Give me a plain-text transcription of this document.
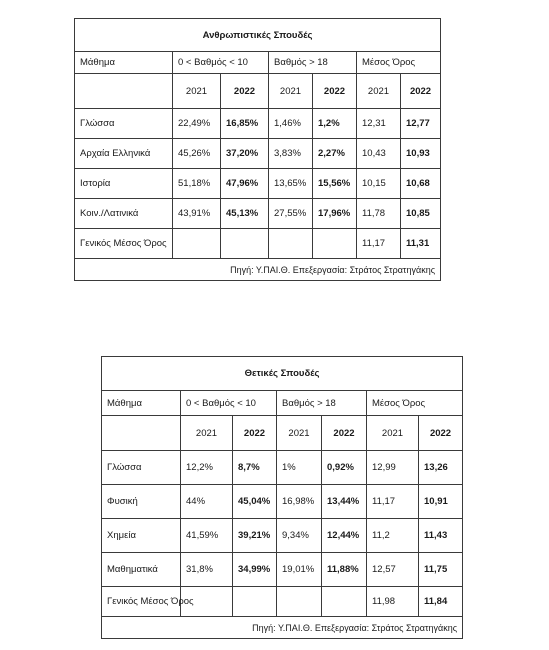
Ανθρωπιστικές Σπουδές						
Μάθημα	0 < Βαθμός < 10		Βαθμός > 18		Μέσος Όρος	
	2021	2022	2021	2022	2021	2022
Γλώσσα	22,49%	16,85%	1,46%	1,2%	12,31	12,77
Αρχαία Ελληνικά	45,26%	37,20%	3,83%	2,27%	10,43	10,93
Ιστορία	51,18%	47,96%	13,65%	15,56%	10,15	10,68
Κοιν./Λατινικά	43,91%	45,13%	27,55%	17,96%	11,78	10,85
Γενικός Μέσος Όρος					11,17	11,31
Πηγή: Υ.ΠΑΙ.Θ. Επεξεργασία: Στράτος Στρατηγάκης						
Θετικές Σπουδές						
Μάθημα	0 < Βαθμός < 10		Βαθμός > 18		Μέσος Όρος	
	2021	2022	2021	2022	2021	2022
Γλώσσα	12,2%	8,7%	1%	0,92%	12,99	13,26
Φυσική	44%	45,04%	16,98%	13,44%	11,17	10,91
Χημεία	41,59%	39,21%	9,34%	12,44%	11,2	11,43
Μαθηματικά	31,8%	34,99%	19,01%	11,88%	12,57	11,75
Γενικός Μέσος Όρος					11,98	11,84
Πηγή: Υ.ΠΑΙ.Θ. Επεξεργασία: Στράτος Στρατηγάκης						
